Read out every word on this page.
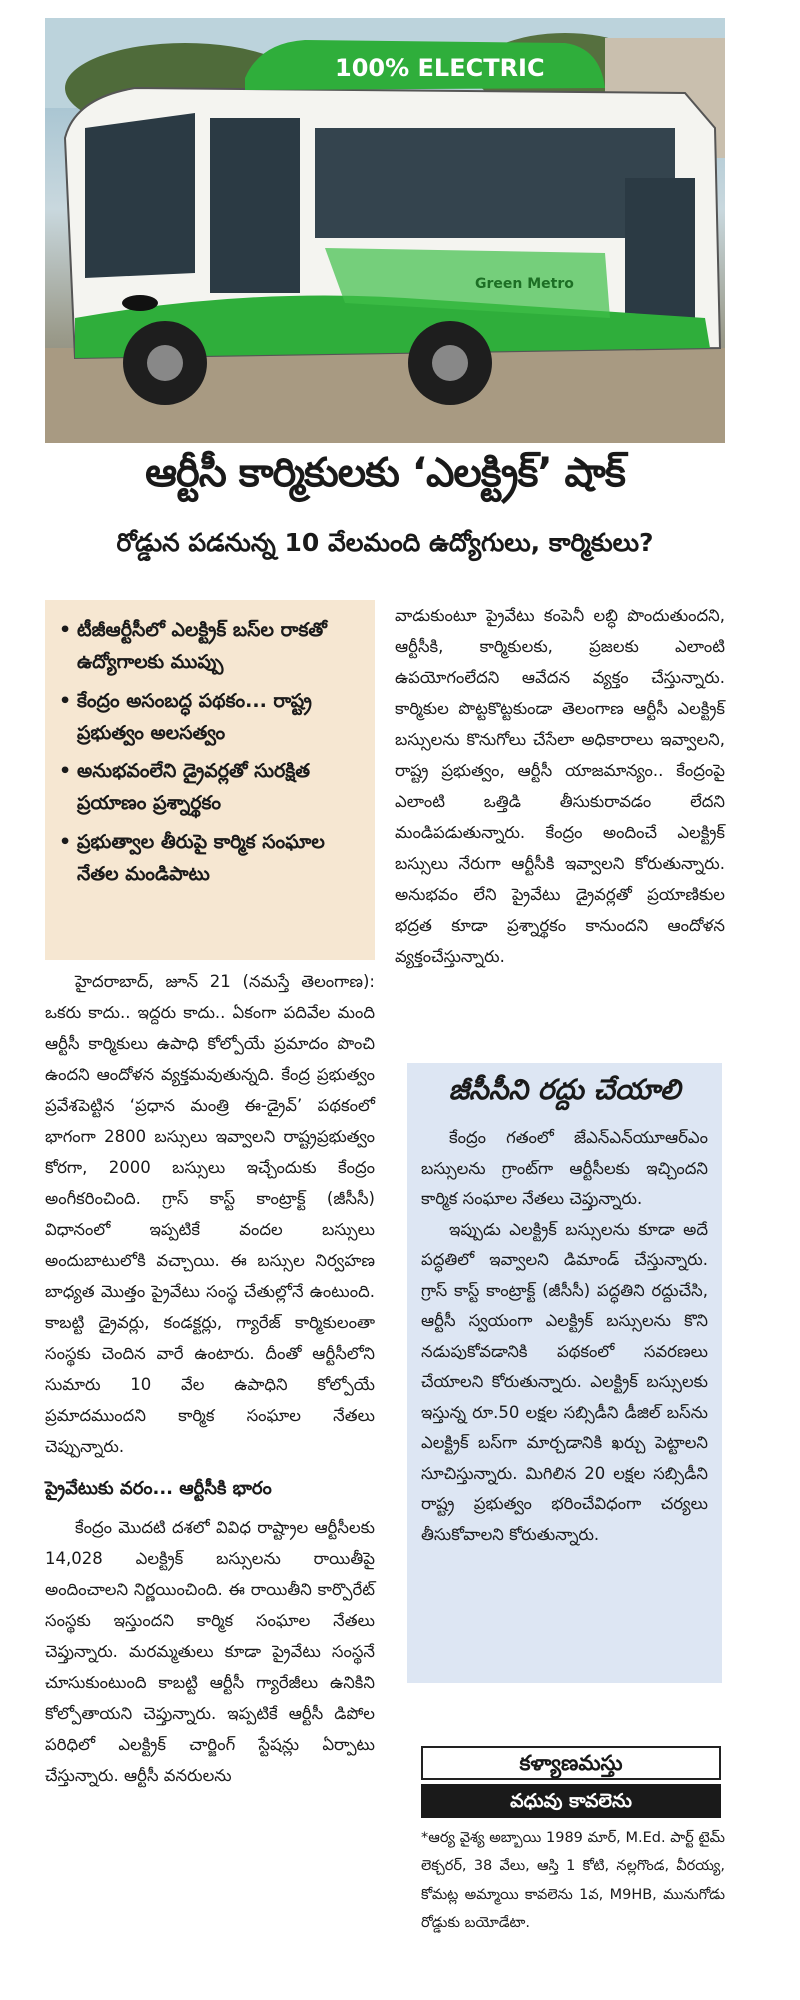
100% ELECTRIC
Green Metro
ఆర్టీసీ కార్మికులకు ‘ఎలక్ట్రిక్’ షాక్
రోడ్డున పడనున్న 10 వేలమంది ఉద్యోగులు, కార్మికులు?
• టీజీఆర్టీసీలో ఎలక్ట్రిక్ బస్‌ల రాకతో ఉద్యోగాలకు ముప్పు
• కేంద్రం అసంబద్ధ పథకం... రాష్ట్ర ప్రభుత్వం అలసత్వం
• అనుభవంలేని డ్రైవర్లతో సురక్షిత ప్రయాణం ప్రశ్నార్థకం
• ప్రభుత్వాల తీరుపై కార్మిక సంఘాల నేతల మండిపాటు

హైదరాబాద్, జూన్ 21 (నమస్తే తెలంగాణ): ఒకరు కాదు.. ఇద్దరు కాదు.. ఏకంగా పదివేల మంది ఆర్టీసీ కార్మికులు ఉపాధి కోల్పోయే ప్రమాదం పొంచి ఉందని ఆందోళన వ్యక్తమవుతున్నది. కేంద్ర ప్రభుత్వం ప్రవేశపెట్టిన ‘ప్రధాన మంత్రి ఈ-డ్రైవ్’ పథకంలో భాగంగా 2800 బస్సులు ఇవ్వాలని రాష్ట్రప్రభుత్వం కోరగా, 2000 బస్సులు ఇచ్చేందుకు కేంద్రం అంగీకరించింది. గ్రాస్ కాస్ట్ కాంట్రాక్ట్ (జీసీసీ) విధానంలో ఇప్పటికే వందల బస్సులు అందుబాటులోకి వచ్చాయి. ఈ బస్సుల నిర్వహణ బాధ్యత మొత్తం ప్రైవేటు సంస్థ చేతుల్లోనే ఉంటుంది. కాబట్టి డ్రైవర్లు, కండక్టర్లు, గ్యారేజ్ కార్మికులంతా సంస్థకు చెందిన వారే ఉంటారు. దీంతో ఆర్టీసీలోని సుమారు 10 వేల ఉపాధిని కోల్పోయే ప్రమాదముందని కార్మిక సంఘాల నేతలు చెప్పున్నారు.

ప్రైవేటుకు వరం... ఆర్టీసీకి భారం

కేంద్రం మొదటి దశలో వివిధ రాష్ట్రాల ఆర్టీసీలకు 14,028 ఎలక్ట్రిక్ బస్సులను రాయితీపై అందించాలని నిర్ణయించింది. ఈ రాయితీని కార్పొరేట్ సంస్థకు ఇస్తుందని కార్మిక సంఘాల నేతలు చెప్తున్నారు. మరమ్మతులు కూడా ప్రైవేటు సంస్థనే చూసుకుంటుంది కాబట్టి ఆర్టీసీ గ్యారేజీలు ఉనికిని కోల్పోతాయని చెప్తున్నారు. ఇప్పటికే ఆర్టీసీ డిపోల పరిధిలో ఎలక్ట్రిక్ చార్జింగ్ స్టేషన్లు ఏర్పాటు చేస్తున్నారు. ఆర్టీసీ వనరులను

వాడుకుంటూ ప్రైవేటు కంపెనీ లబ్ధి పొందుతుందని, ఆర్టీసీకి, కార్మికులకు, ప్రజలకు ఎలాంటి ఉపయోగంలేదని ఆవేదన వ్యక్తం చేస్తున్నారు. కార్మికుల పొట్టకొట్టకుండా తెలంగాణ ఆర్టీసీ ఎలక్ట్రిక్ బస్సులను కొనుగోలు చేసేలా అధికారాలు ఇవ్వాలని, రాష్ట్ర ప్రభుత్వం, ఆర్టీసీ యాజమాన్యం.. కేంద్రంపై ఎలాంటి ఒత్తిడి తీసుకురావడం లేదని మండిపడుతున్నారు. కేంద్రం అందించే ఎలక్ట్రిక్ బస్సులు నేరుగా ఆర్టీసీకి ఇవ్వాలని కోరుతున్నారు. అనుభవం లేని ప్రైవేటు డ్రైవర్లతో ప్రయాణికుల భద్రత కూడా ప్రశ్నార్థకం కానుందని ఆందోళన వ్యక్తంచేస్తున్నారు.

జీసీసీని రద్దు చేయాలి

కేంద్రం గతంలో జేఎన్ఎన్‌యూఆర్ఎం బస్సులను గ్రాంట్‌గా ఆర్టీసీలకు ఇచ్చిందని కార్మిక సంఘాల నేతలు చెప్తున్నారు.

ఇప్పుడు ఎలక్ట్రిక్ బస్సులను కూడా అదే పద్ధతిలో ఇవ్వాలని డిమాండ్ చేస్తున్నారు. గ్రాస్ కాస్ట్ కాంట్రాక్ట్ (జీసీసీ) పద్ధతిని రద్దుచేసి, ఆర్టీసీ స్వయంగా ఎలక్ట్రిక్ బస్సులను కొని నడుపుకోవడానికి పథకంలో సవరణలు చేయాలని కోరుతున్నారు. ఎలక్ట్రిక్ బస్సులకు ఇస్తున్న రూ.50 లక్షల సబ్సిడీని డీజిల్ బస్‌ను ఎలక్ట్రిక్ బస్‌గా మార్చడానికి ఖర్చు పెట్టాలని సూచిస్తున్నారు. మిగిలిన 20 లక్షల సబ్సిడీని రాష్ట్ర ప్రభుత్వం భరించేవిధంగా చర్యలు తీసుకోవాలని కోరుతున్నారు.

కళ్యాణమస్తు
వధువు కావలెను
*ఆర్య వైశ్య అబ్బాయి 1989 మార్, M.Ed. పార్ట్ టైమ్ లెక్చరర్, 38 వేలు, ఆస్తి 1 కోటి, నల్లగొండ, వీరయ్య, కోమట్ల అమ్మాయి కావలెను 1వ, M9HB, మునుగోడు రోడ్డుకు బయోడేటా.
